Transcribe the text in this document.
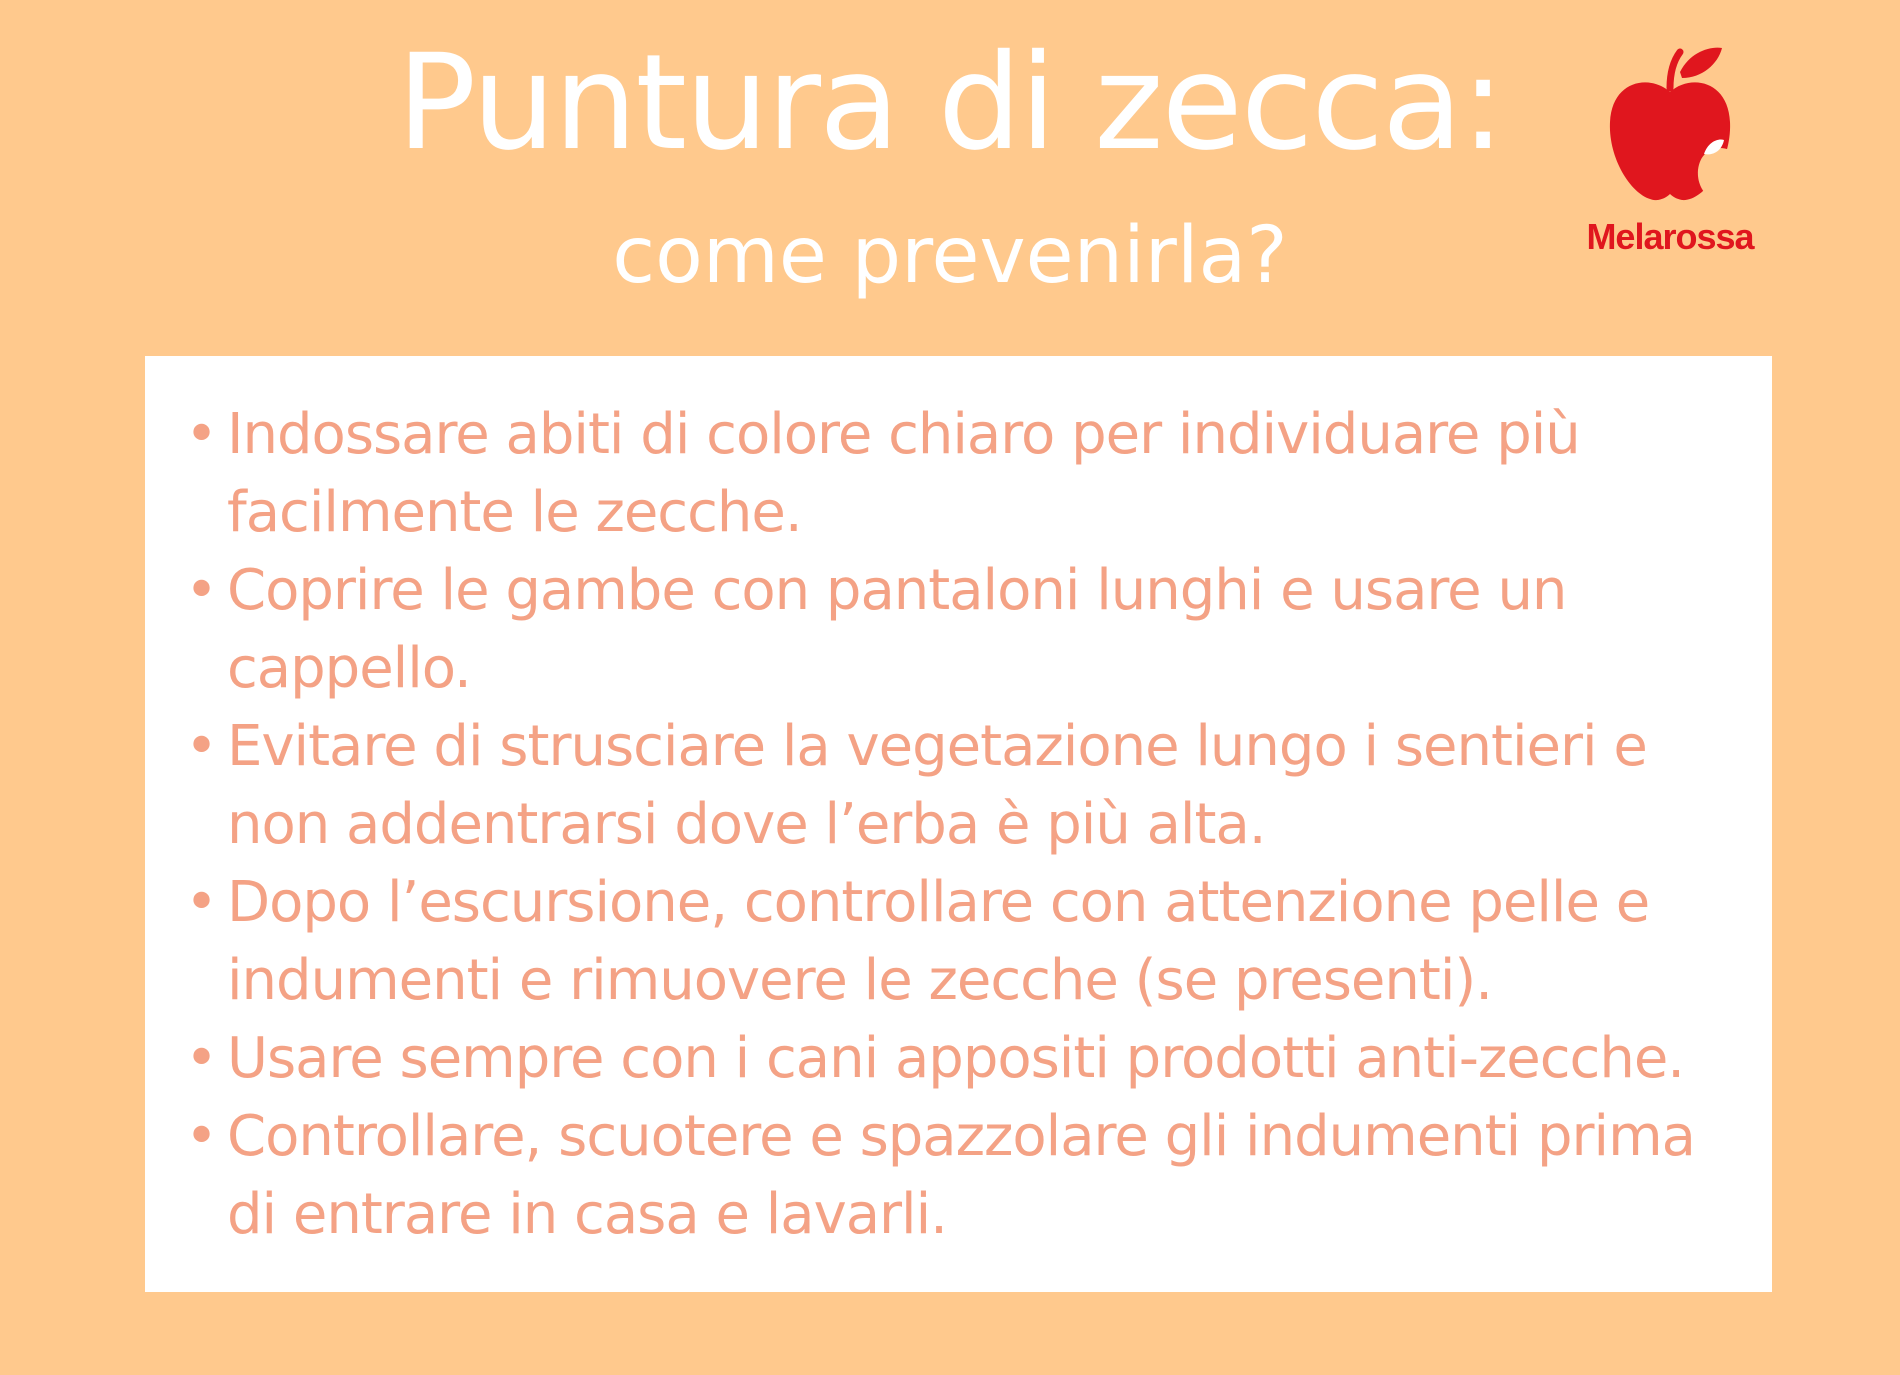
Puntura di zecca:
come prevenirla?	Melarossa
• Indossare abiti di colore chiaro per individuare più facilmente le zecche.
• Coprire le gambe con pantaloni lunghi e usare un cappello.
• Evitare di strusciare la vegetazione lungo i sentieri e non addentrarsi dove l’erba è più alta.
• Dopo l’escursione, controllare con attenzione pelle e indumenti e rimuovere le zecche (se presenti).
• Usare sempre con i cani appositi prodotti anti-zecche.
• Controllare, scuotere e spazzolare gli indumenti prima di entrare in casa e lavarli.
